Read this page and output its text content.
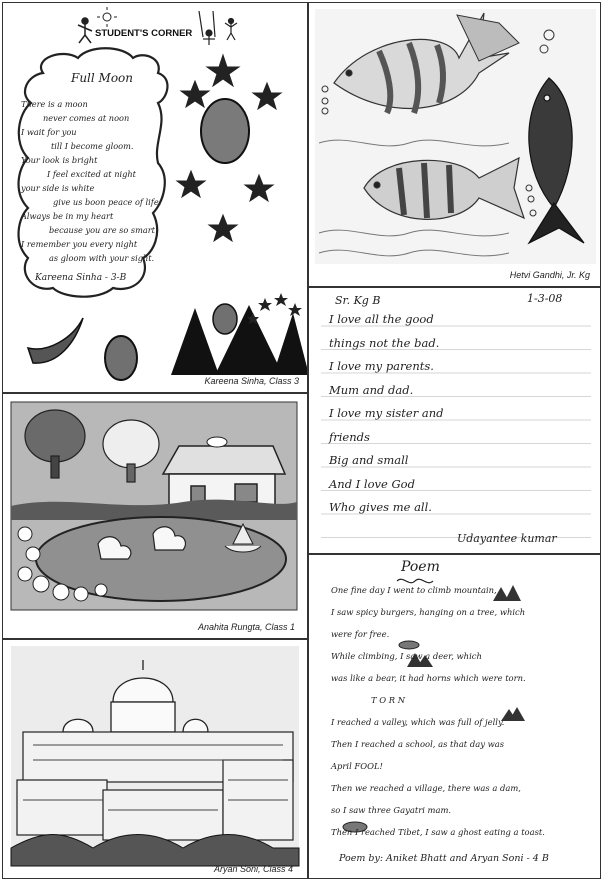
STUDENT'S CORNER
Full Moon
There is a moon
never comes at noon
I wait for you
till I become gloom.
Your look is bright
I feel excited at night
your side is white
give us boon peace of life.
Always be in my heart
because you are so smart
I remember you every night
as gloom with your sight.
Kareena Sinha - 3-B
Kareena Sinha, Class 3
Hetvi Gandhi, Jr. Kg
Sr. Kg B	1-3-08
I love all the good
things not the bad.
I love my parents.
Mum and dad.
I love my sister and
friends
Big and small
And I love God
Who gives me all.
Udayantee kumar
Anahita Rungta, Class 1
Aryan Soni, Class 4
Poem
One fine day I went to climb mountain,
I saw spicy burgers, hanging on a tree, which
were for free.
While climbing, I saw a deer, which
was like a bear, it had horns which were torn.
T O R N
I reached a valley, which was full of jelly.
Then I reached a school, as that day was
April FOOL!
Then we reached a village, there was a dam,
so I saw three Gayatri mam.
Then I reached Tibet, I saw a ghost eating a toast.
Poem by: Aniket Bhatt and Aryan Soni - 4 B
